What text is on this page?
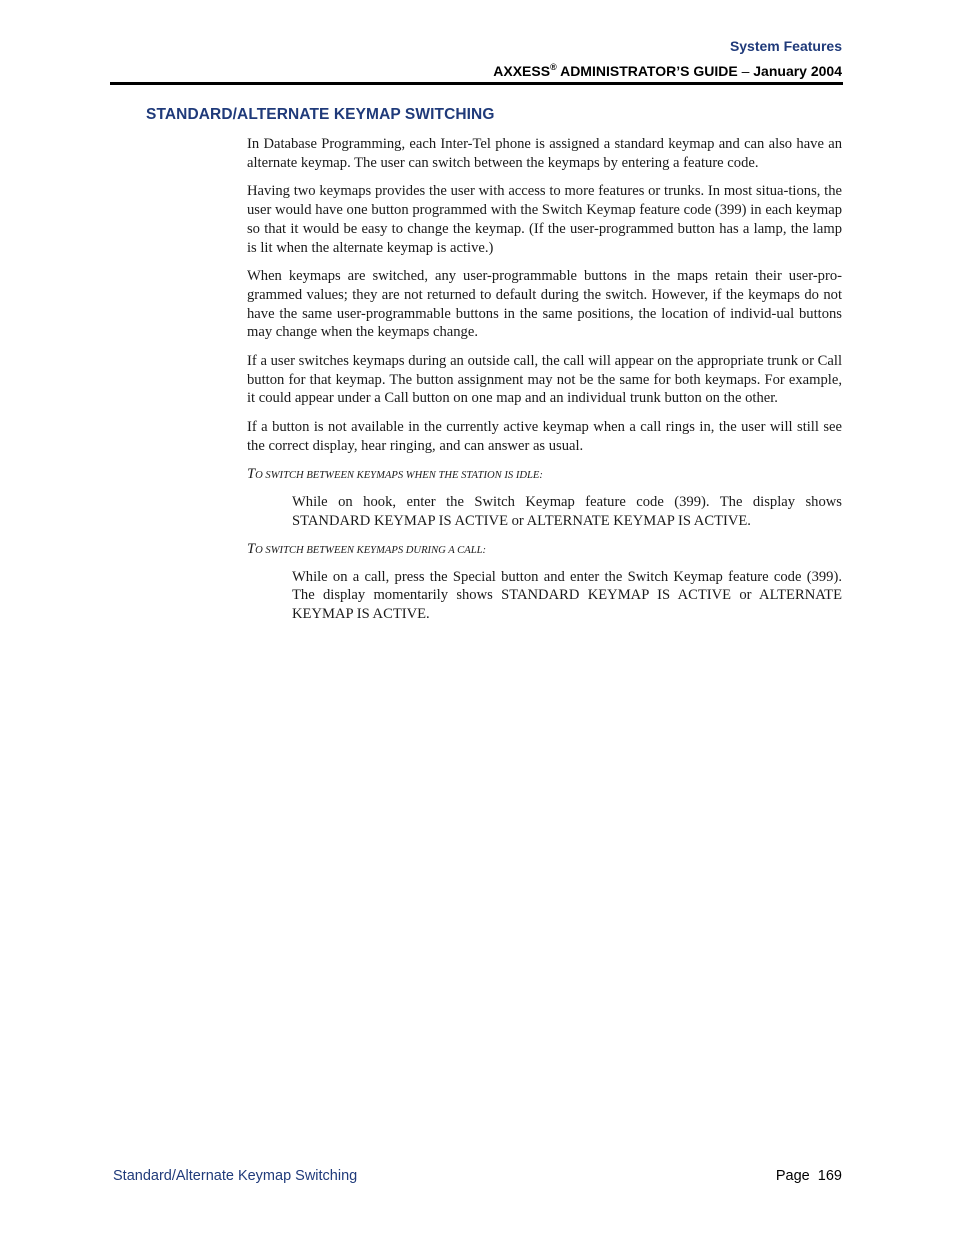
System Features
AXXESS® ADMINISTRATOR’S GUIDE – January 2004
STANDARD/ALTERNATE KEYMAP SWITCHING

In Database Programming, each Inter-Tel phone is assigned a standard keymap and can also have an alternate keymap. The user can switch between the keymaps by entering a feature code.

Having two keymaps provides the user with access to more features or trunks. In most situa-tions, the user would have one button programmed with the Switch Keymap feature code (399) in each keymap so that it would be easy to change the keymap. (If the user-programmed button has a lamp, the lamp is lit when the alternate keymap is active.)

When keymaps are switched, any user-programmable buttons in the maps retain their user-pro-grammed values; they are not returned to default during the switch. However, if the keymaps do not have the same user-programmable buttons in the same positions, the location of individ-ual buttons may change when the keymaps change.

If a user switches keymaps during an outside call, the call will appear on the appropriate trunk or Call button for that keymap. The button assignment may not be the same for both keymaps. For example, it could appear under a Call button on one map and an individual trunk button on the other.

If a button is not available in the currently active keymap when a call rings in, the user will still see the correct display, hear ringing, and can answer as usual.

TO SWITCH BETWEEN KEYMAPS WHEN THE STATION IS IDLE:

While on hook, enter the Switch Keymap feature code (399). The display shows STANDARD KEYMAP IS ACTIVE or ALTERNATE KEYMAP IS ACTIVE.

TO SWITCH BETWEEN KEYMAPS DURING A CALL:

While on a call, press the Special button and enter the Switch Keymap feature code (399). The display momentarily shows STANDARD KEYMAP IS ACTIVE or ALTERNATE KEYMAP IS ACTIVE.

Standard/Alternate Keymap Switching	Page 169
